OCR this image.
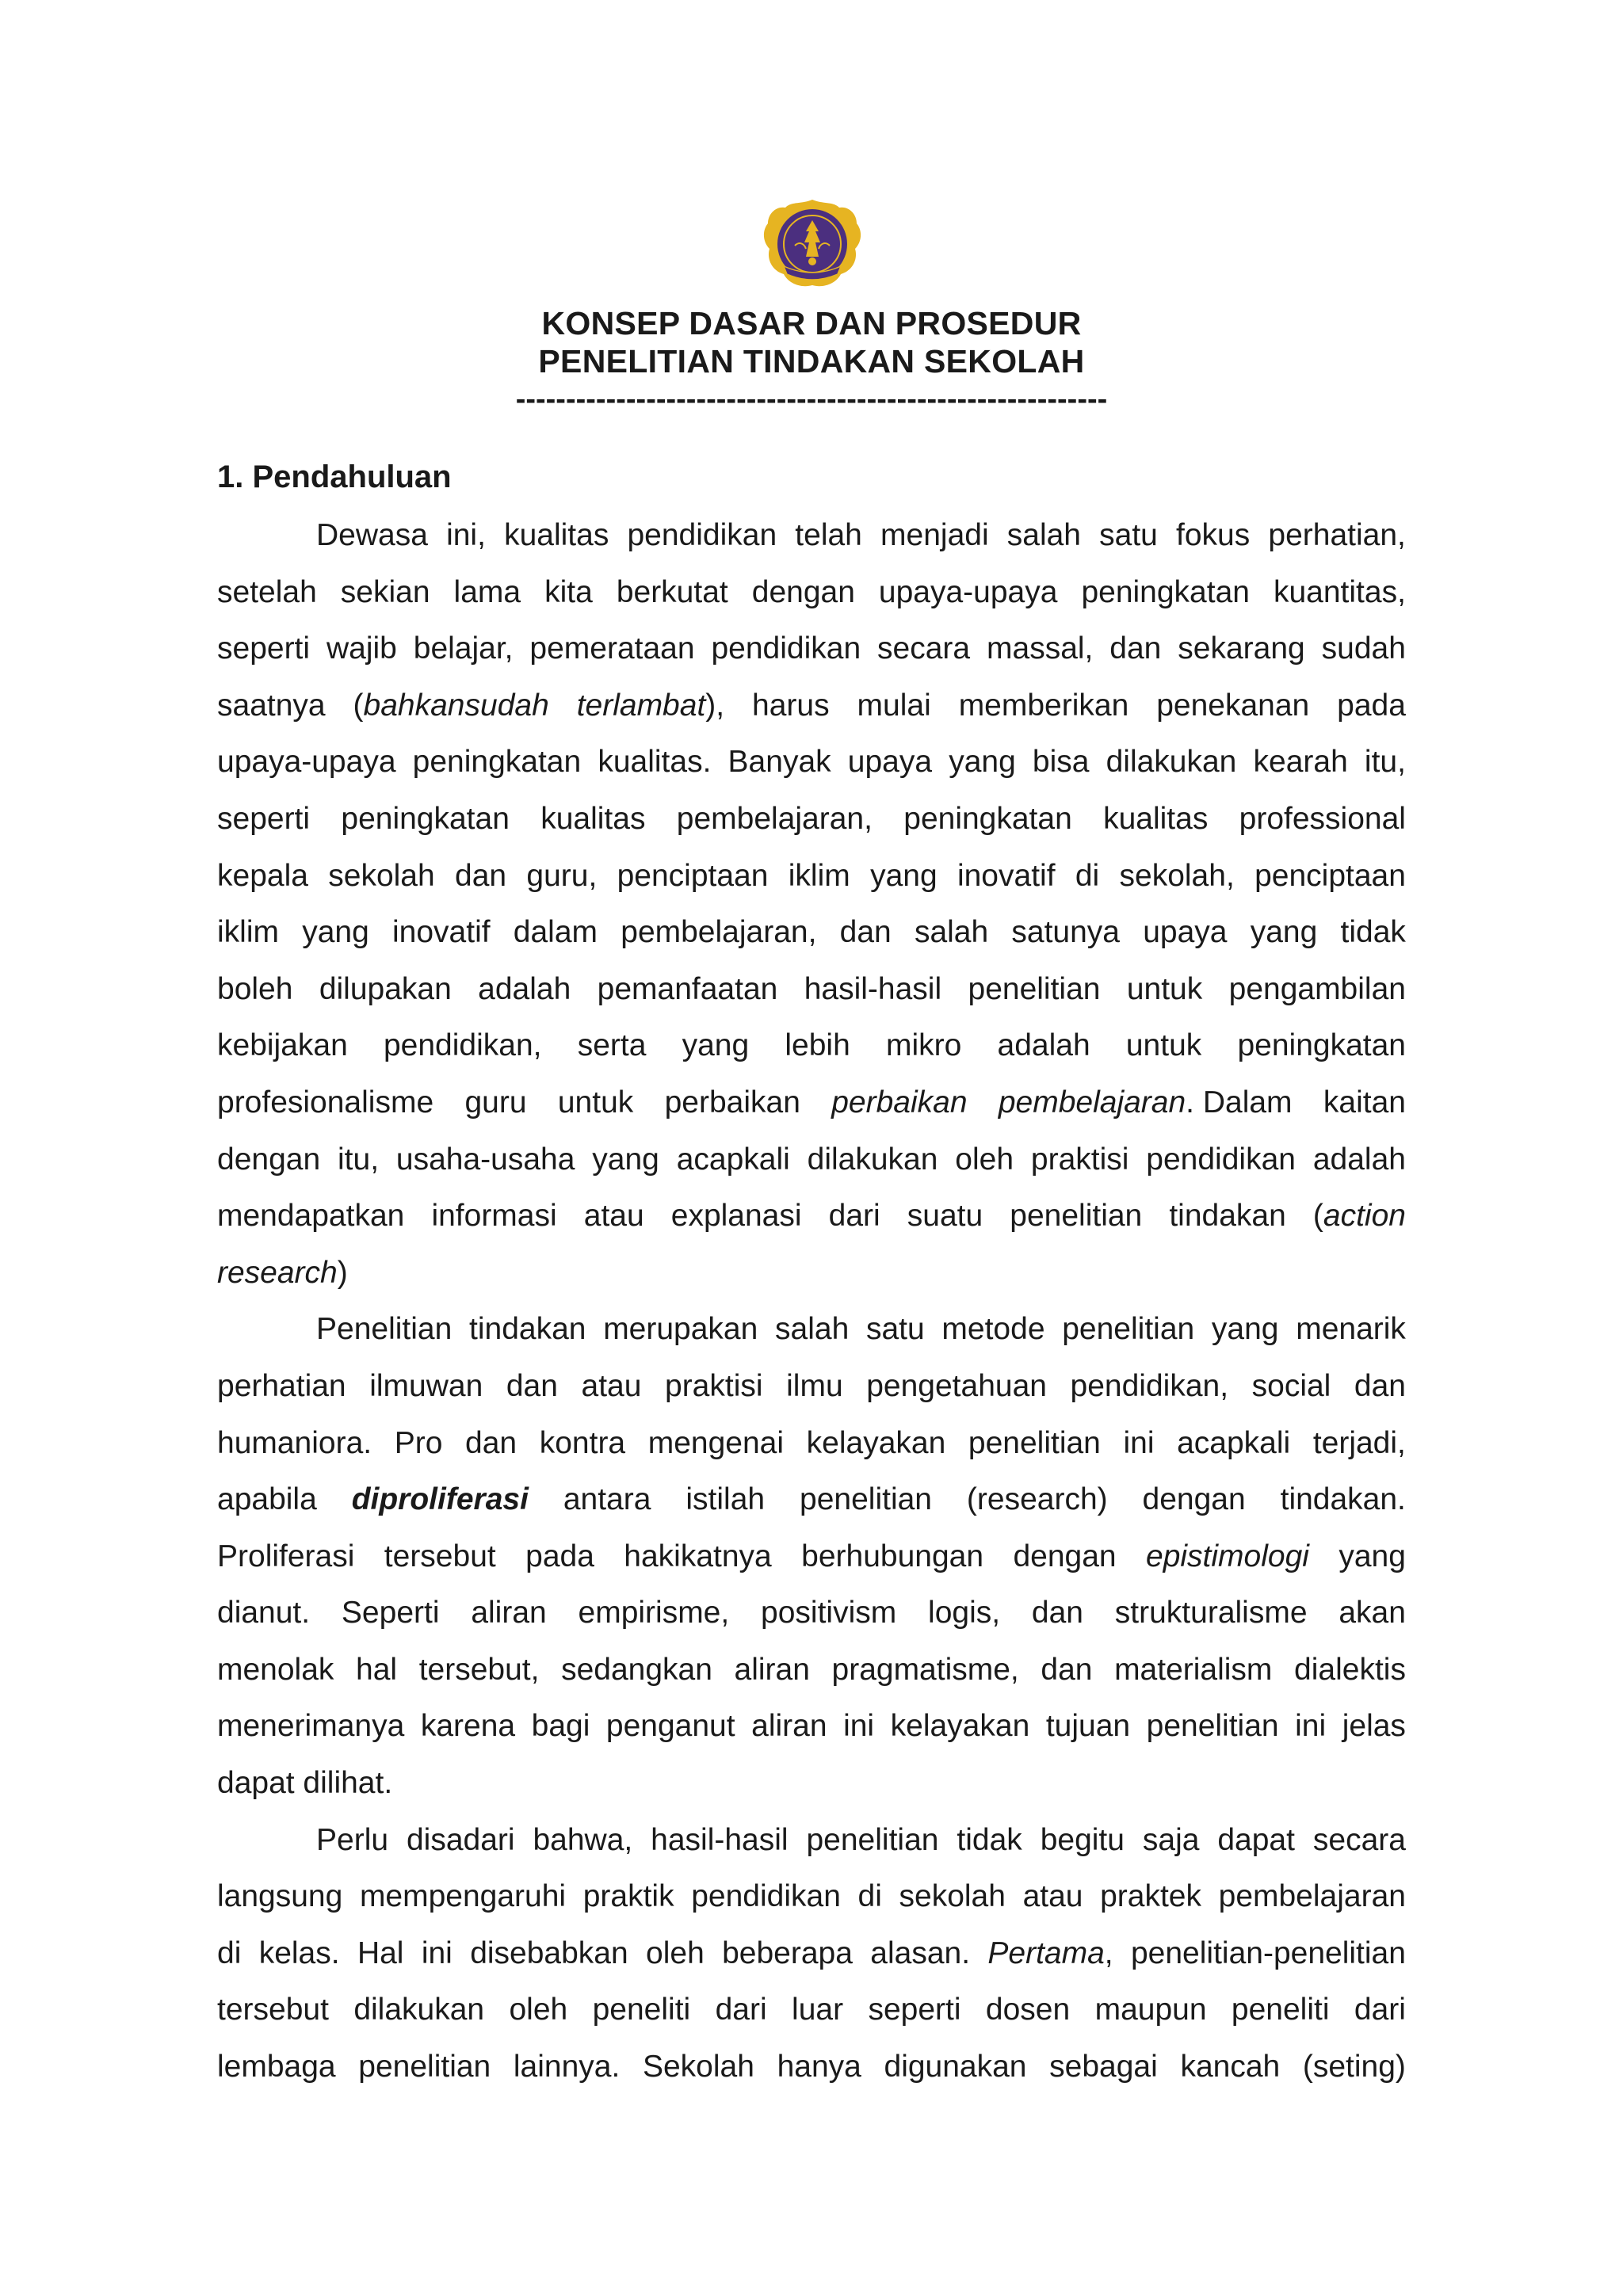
KONSEP DASAR DAN PROSEDUR
PENELITIAN TINDAKAN SEKOLAH
-----------------------------------------------------------
1. Pendahuluan
Dewasa ini, kualitas pendidikan telah menjadi salah satu fokus perhatian,
setelah sekian lama kita berkutat dengan upaya-upaya peningkatan kuantitas,
seperti wajib belajar, pemerataan pendidikan secara massal, dan sekarang sudah
saatnya (bahkansudah terlambat), harus mulai memberikan penekanan pada
upaya-upaya peningkatan kualitas. Banyak upaya yang bisa dilakukan kearah itu,
seperti peningkatan kualitas pembelajaran, peningkatan kualitas professional
kepala sekolah dan guru, penciptaan iklim yang inovatif di sekolah, penciptaan
iklim yang inovatif dalam pembelajaran, dan salah satunya upaya yang tidak
boleh dilupakan adalah pemanfaatan hasil-hasil penelitian untuk pengambilan
kebijakan pendidikan, serta yang lebih mikro adalah untuk peningkatan
profesionalisme guru untuk perbaikan perbaikan pembelajaran. Dalam kaitan
dengan itu, usaha-usaha yang acapkali dilakukan oleh praktisi pendidikan adalah
mendapatkan informasi atau explanasi dari suatu penelitian tindakan (action
research)
Penelitian tindakan merupakan salah satu metode penelitian yang menarik
perhatian ilmuwan dan atau praktisi ilmu pengetahuan pendidikan, social dan
humaniora. Pro dan kontra mengenai kelayakan penelitian ini acapkali terjadi,
apabila diproliferasi antara istilah penelitian (research) dengan tindakan.
Proliferasi tersebut pada hakikatnya berhubungan dengan epistimologi yang
dianut. Seperti aliran empirisme, positivism logis, dan strukturalisme akan
menolak hal tersebut, sedangkan aliran pragmatisme, dan materialism dialektis
menerimanya karena bagi penganut aliran ini kelayakan tujuan penelitian ini jelas
dapat dilihat.
Perlu disadari bahwa, hasil-hasil penelitian tidak begitu saja dapat secara
langsung mempengaruhi praktik pendidikan di sekolah atau praktek pembelajaran
di kelas. Hal ini disebabkan oleh beberapa alasan. Pertama, penelitian-penelitian
tersebut dilakukan oleh peneliti dari luar seperti dosen maupun peneliti dari
lembaga penelitian lainnya. Sekolah hanya digunakan sebagai kancah (seting)
